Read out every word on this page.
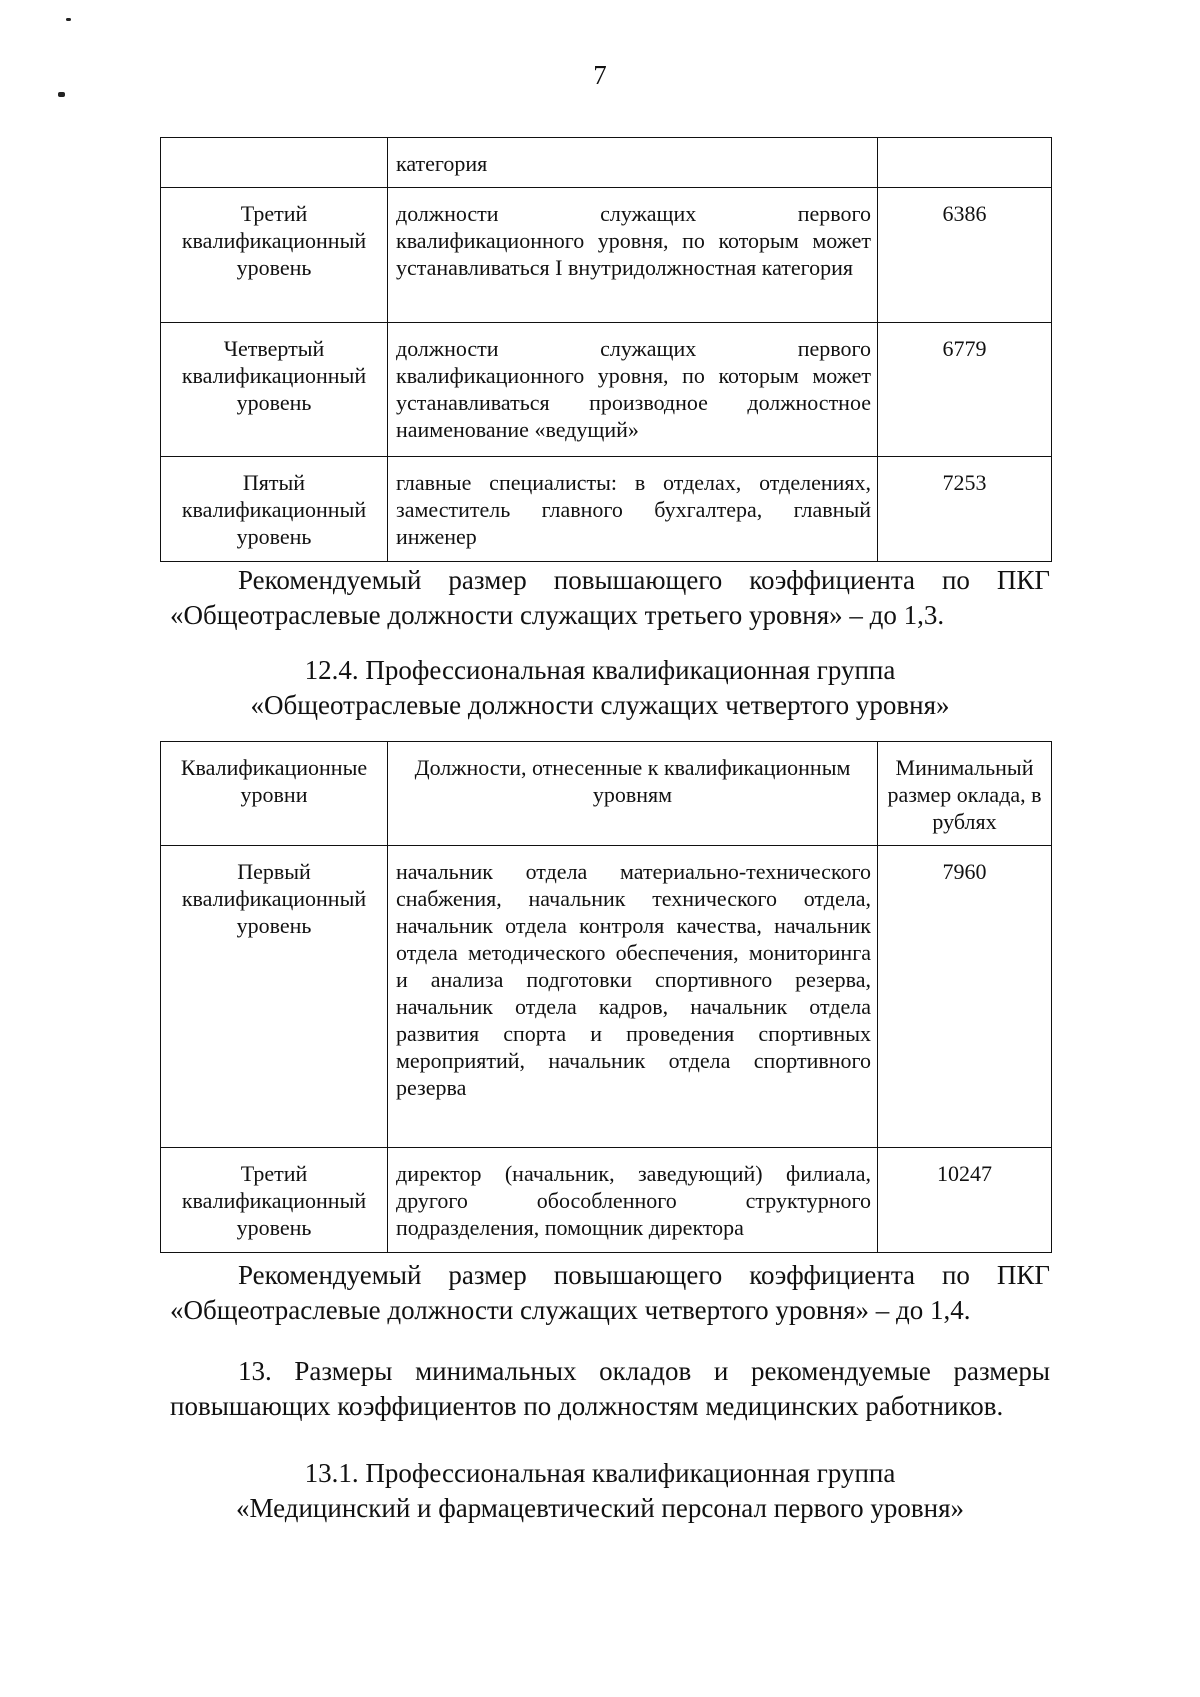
7
	категория	
Третий квалификационный уровень	должности служащих первого квалификационного уровня, по которым может устанавливаться I внутридолжностная категория	6386
Четвертый квалификационный уровень	должности служащих первого квалификационного уровня, по которым может устанавливаться производное должностное наименование «ведущий»	6779
Пятый квалификационный уровень	главные специалисты: в отделах, отделениях, заместитель главного бухгалтера, главный инженер	7253
Рекомендуемый размер повышающего коэффициента по ПКГ «Общеотраслевые должности служащих третьего уровня» – до 1,3.
12.4. Профессиональная квалификационная группа
«Общеотраслевые должности служащих четвертого уровня»
Квалификационные уровни	Должности, отнесенные к квалификационным уровням	Минимальный размер оклада, в рублях
Первый квалификационный уровень	начальник отдела материально-технического снабжения, начальник технического отдела, начальник отдела контроля качества, начальник отдела методического обеспечения, мониторинга и анализа подготовки спортивного резерва, начальник отдела кадров, начальник отдела развития спорта и проведения спортивных мероприятий, начальник отдела спортивного резерва	7960
Третий квалификационный уровень	директор (начальник, заведующий) филиала, другого обособленного структурного подразделения, помощник директора	10247
Рекомендуемый размер повышающего коэффициента по ПКГ «Общеотраслевые должности служащих четвертого уровня» – до 1,4.
13. Размеры минимальных окладов и рекомендуемые размеры повышающих коэффициентов по должностям медицинских работников.
13.1. Профессиональная квалификационная группа
«Медицинский и фармацевтический персонал первого уровня»
